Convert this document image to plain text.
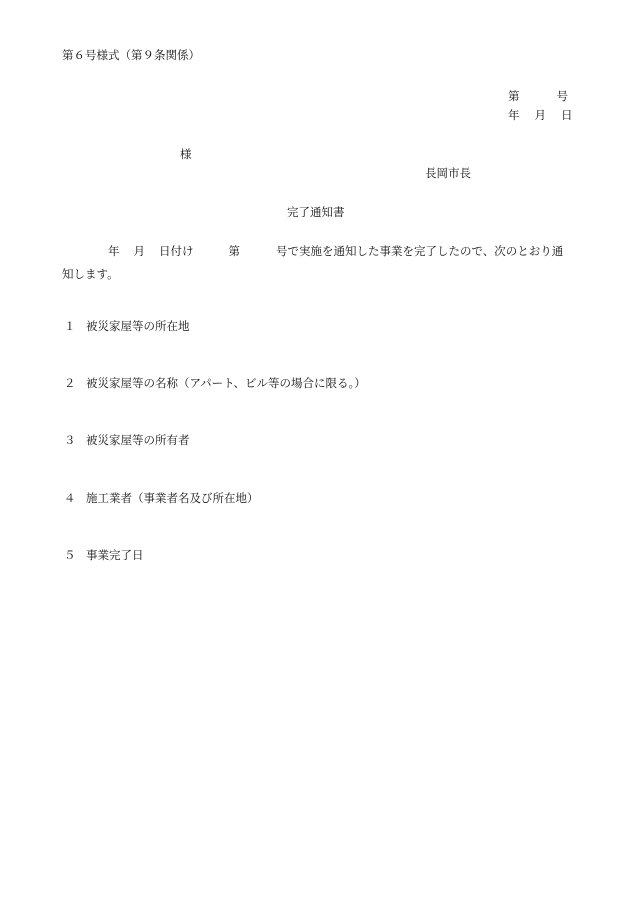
第６号様式（第９条関係）
第	号
年 月 日
様
長岡市長
完了通知書
年 月 日付け	第	号で実施を通知した事業を完了したので、次のとおり通知します。
１ 被災家屋等の所在地
２ 被災家屋等の名称（アパート、ビル等の場合に限る。）
３ 被災家屋等の所有者
４ 施工業者（事業者名及び所在地）
５ 事業完了日
